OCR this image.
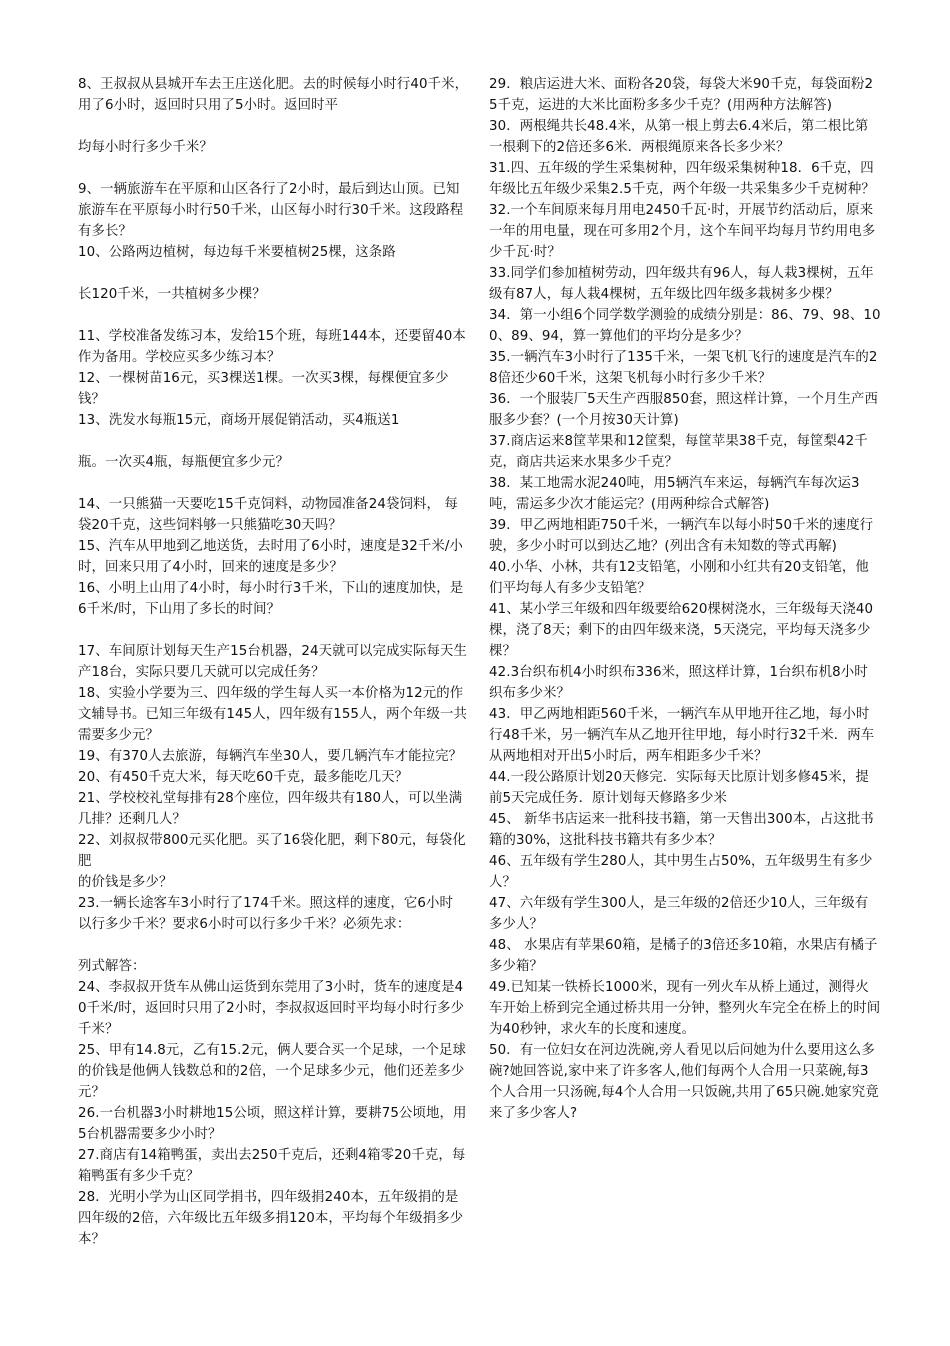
8、王叔叔从县城开车去王庄送化肥。去的时候每小时行40千米，用了6小时，返回时只用了5小时。返回时平

均每小时行多少千米？

9、一辆旅游车在平原和山区各行了2小时，最后到达山顶。已知旅游车在平原每小时行50千米，山区每小时行30千米。这段路程有多长？

10、公路两边植树，每边每千米要植树25棵，这条路

长120千米，一共植树多少棵？

11、学校准备发练习本，发给15个班，每班144本，还要留40本作为备用。学校应买多少练习本？

12、一棵树苗16元，买3棵送1棵。一次买3棵，每棵便宜多少钱？

13、洗发水每瓶15元，商场开展促销活动，买4瓶送1

瓶。一次买4瓶，每瓶便宜多少元？

14、一只熊猫一天要吃15千克饲料，动物园准备24袋饲料， 每袋20千克，这些饲料够一只熊猫吃30天吗？

15、汽车从甲地到乙地送货，去时用了6小时，速度是32千米/小时，回来只用了4小时，回来的速度是多少？

16、小明上山用了4小时，每小时行3千米，下山的速度加快，是6千米/时，下山用了多长的时间？

17、车间原计划每天生产15台机器，24天就可以完成实际每天生产18台，实际只要几天就可以完成任务？

18、实验小学要为三、四年级的学生每人买一本价格为12元的作文辅导书。已知三年级有145人，四年级有155人，两个年级一共需要多少元？

19、有370人去旅游，每辆汽车坐30人，要几辆汽车才能拉完？

20、有450千克大米，每天吃60千克，最多能吃几天？

21、学校校礼堂每排有28个座位，四年级共有180人，可以坐满几排？还剩几人？

22、刘叔叔带800元买化肥。买了16袋化肥，剩下80元，每袋化肥

的价钱是多少？

23.一辆长途客车3小时行了174千米。照这样的速度，它6小时

以行多少千米？要求6小时可以行多少千米？必须先求：

列式解答：

24、李叔叔开货车从佛山运货到东莞用了3小时，货车的速度是40千米/时，返回时只用了2小时，李叔叔返回时平均每小时行多少千米？

25、甲有14.8元，乙有15.2元，俩人要合买一个足球，一个足球的价钱是他俩人钱数总和的2倍，一个足球多少元，他们还差多少元？

26.一台机器3小时耕地15公顷，照这样计算，要耕75公顷地，用5台机器需要多少小时？

27.商店有14箱鸭蛋，卖出去250千克后，还剩4箱零20千克，每箱鸭蛋有多少千克？

28．光明小学为山区同学捐书，四年级捐240本，五年级捐的是 四年级的2倍，六年级比五年级多捐120本，平均每个年级捐多少本？

29．粮店运进大米、面粉各20袋，每袋大米90千克，每袋面粉25千克，运进的大米比面粉多多少千克？(用两种方法解答)

30．两根绳共长48.4米，从第一根上剪去6.4米后，第二根比第一根剩下的2倍还多6米．两根绳原来各长多少米？

31.四、五年级的学生采集树种，四年级采集树种18．6千克，四年级比五年级少采集2.5千克，两个年级一共采集多少千克树种？

32.一个车间原来每月用电2450千瓦·时，开展节约活动后，原来一年的用电量，现在可多用2个月，这个车间平均每月节约用电多少千瓦·时？

33.同学们参加植树劳动，四年级共有96人，每人栽3棵树，五年级有87人，每人栽4棵树，五年级比四年级多栽树多少棵？

34．第一小组6个同学数学测验的成绩分别是：86、79、98、100、89、94，算一算他们的平均分是多少？

35.一辆汽车3小时行了135千米，一架飞机飞行的速度是汽车的28倍还少60千米，这架飞机每小时行多少千米？

36．一个服装厂5天生产西服850套，照这样计算，一个月生产西服多少套？(一个月按30天计算)

37.商店运来8筐苹果和12筐梨，每筐苹果38千克，每筐梨42千克，商店共运来水果多少千克？

38．某工地需水泥240吨，用5辆汽车来运，每辆汽车每次运3吨，需运多少次才能运完？(用两种综合式解答)

39．甲乙两地相距750千米，一辆汽车以每小时50千米的速度行驶，多少小时可以到达乙地？(列出含有未知数的等式再解)

40.小华、小林，共有12支铅笔，小刚和小红共有20支铅笔，他们平均每人有多少支铅笔？

41、某小学三年级和四年级要给620棵树浇水，三年级每天浇40棵，浇了8天；剩下的由四年级来浇，5天浇完，平均每天浇多少棵？

42.3台织布机4小时织布336米，照这样计算，1台织布机8小时织布多少米？

43．甲乙两地相距560千米，一辆汽车从甲地开往乙地，每小时行48千米，另一辆汽车从乙地开往甲地，每小时行32千米．两车从两地相对开出5小时后，两车相距多少千米？

44.一段公路原计划20天修完．实际每天比原计划多修45米，提前5天完成任务．原计划每天修路多少米

45、 新华书店运来一批科技书籍，第一天售出300本，占这批书籍的30%，这批科技书籍共有多少本？

46、五年级有学生280人，其中男生占50%，五年级男生有多少人？

47、六年级有学生300人，是三年级的2倍还少10人，三年级有多少人？

48、 水果店有苹果60箱，是橘子的3倍还多10箱，水果店有橘子多少箱？

49.已知某一铁桥长1000米，现有一列火车从桥上通过，测得火车开始上桥到完全通过桥共用一分钟，整列火车完全在桥上的时间为40秒钟，求火车的长度和速度。

50．有一位妇女在河边洗碗,旁人看见以后问她为什么要用这么多碗?她回答说,家中来了许多客人,他们每两个人合用一只菜碗,每3个人合用一只汤碗,每4个人合用一只饭碗,共用了65只碗.她家究竟来了多少客人?
